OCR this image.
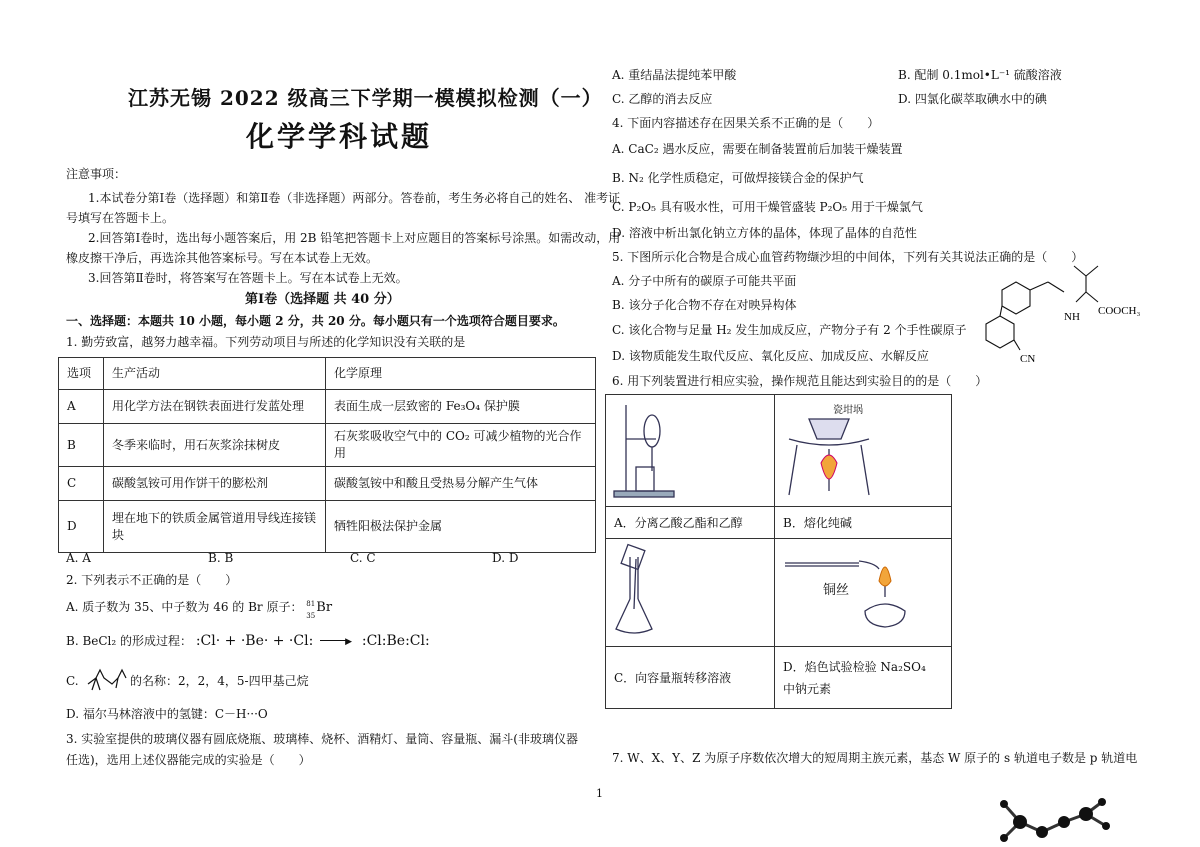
江苏无锡 2022 级高三下学期一模模拟检测（一）
化学学科试题
注意事项：
1.本试卷分第Ⅰ卷（选择题）和第Ⅱ卷（非选择题）两部分。答卷前，考生务必将自己的姓名、 准考证
号填写在答题卡上。
2.回答第Ⅰ卷时，选出每小题答案后，用 2B 铅笔把答题卡上对应题目的答案标号涂黑。如需改动，用
橡皮擦干净后，再选涂其他答案标号。写在本试卷上无效。
3.回答第Ⅱ卷时，将答案写在答题卡上。写在本试卷上无效。
第Ⅰ卷（选择题 共 40 分）
一、选择题：本题共 10 小题，每小题 2 分，共 20 分。每小题只有一个选项符合题目要求。
1. 勤劳致富，越努力越幸福。下列劳动项目与所述的化学知识没有关联的是
选项	生产活动	化学原理
A	用化学方法在钢铁表面进行发蓝处理	表面生成一层致密的 Fe₃O₄ 保护膜
B	冬季来临时，用石灰浆涂抹树皮	石灰浆吸收空气中的 CO₂ 可减少植物的光合作用
C	碳酸氢铵可用作饼干的膨松剂	碳酸氢铵中和酸且受热易分解产生气体
D	埋在地下的铁质金属管道用导线连接镁块	牺牲阳极法保护金属
A. A	B. B	C. C	D. D
2. 下列表示不正确的是（　　）
A. 质子数为 35、中子数为 46 的 Br 原子： 81
35
Br
B. BeCl₂ 的形成过程： :Cl· + ·Be· + ·Cl:	▶ :Cl:Be:Cl:
C.	的名称：2，2，4，5-四甲基己烷
D. 福尔马林溶液中的氢键：C－H···O
3. 实验室提供的玻璃仪器有圆底烧瓶、玻璃棒、烧杯、酒精灯、量筒、容量瓶、漏斗(非玻璃仪器
任选)，选用上述仪器能完成的实验是（　　）
A. 重结晶法提纯苯甲酸	B. 配制 0.1mol•L⁻¹ 硫酸溶液
C. 乙醇的消去反应	D. 四氯化碳萃取碘水中的碘
4. 下面内容描述存在因果关系不正确的是（　　）
A. CaC₂ 遇水反应，需要在制备装置前后加装干燥装置
B. N₂ 化学性质稳定，可做焊接镁合金的保护气
C. P₂O₅ 具有吸水性，可用干燥管盛装 P₂O₅ 用于干燥氯气
D. 溶液中析出氯化钠立方体的晶体，体现了晶体的自范性
5. 下图所示化合物是合成心血管药物缬沙坦的中间体，下列有关其说法正确的是（　　）
A. 分子中所有的碳原子可能共平面
B. 该分子化合物不存在对映异构体
C. 该化合物与足量 H₂ 发生加成反应，产物分子有 2 个手性碳原子
D. 该物质能发生取代反应、氧化反应、加成反应、水解反应
NH COOCH₃
CN
6. 用下列装置进行相应实验，操作规范且能达到实验目的的是（　　）

瓷坩埚

A．分离乙酸乙酯和乙醇	B．熔化纯碱

铜丝

C．向容量瓶转移溶液	D．焰色试验检验 Na₂SO₄
中钠元素
7. W、X、Y、Z 为原子序数依次增大的短周期主族元素，基态 W 原子的 s 轨道电子数是 p 轨道电
1
